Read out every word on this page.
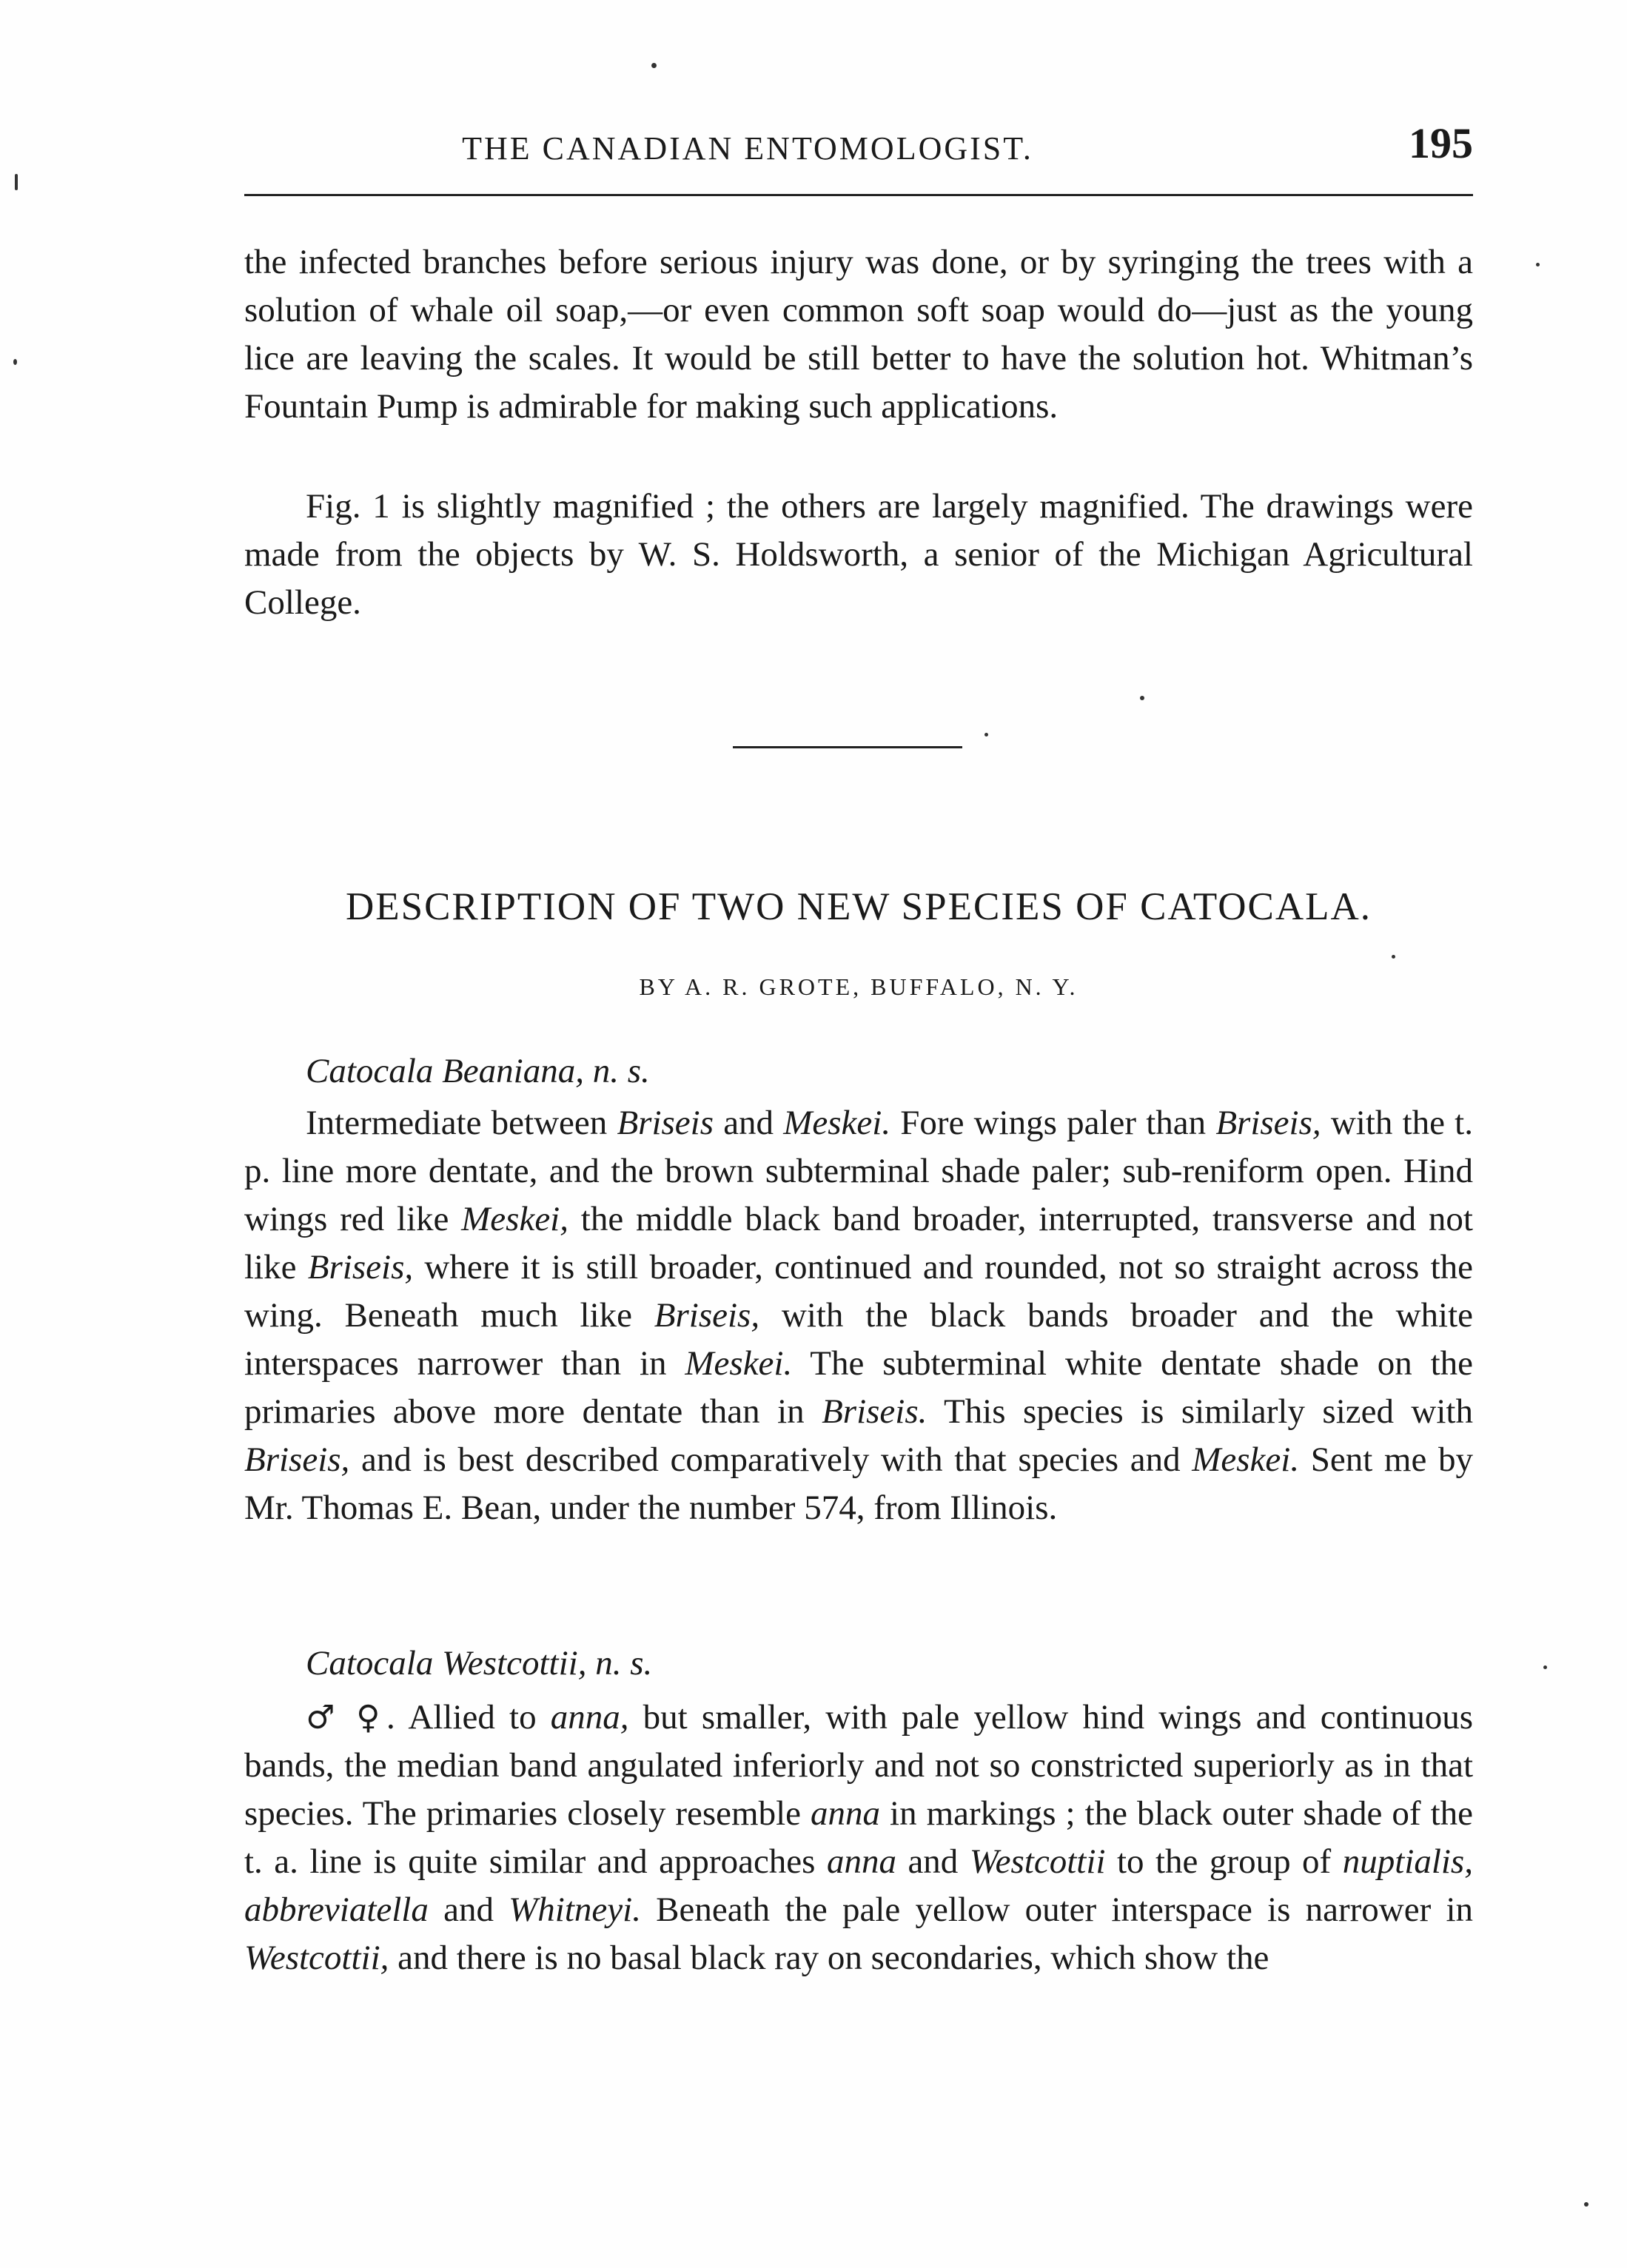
THE CANADIAN ENTOMOLOGIST.	195

the infected branches before serious injury was done, or by syringing the trees with a solution of whale oil soap,—or even common soft soap would do—just as the young lice are leaving the scales. It would be still better to have the solution hot. Whitman’s Fountain Pump is admirable for making such applications.

Fig. 1 is slightly magnified ; the others are largely magnified. The drawings were made from the objects by W. S. Holdsworth, a senior of the Michigan Agricultural College.

DESCRIPTION OF TWO NEW SPECIES OF CATOCALA.
BY A. R. GROTE, BUFFALO, N. Y.
Catocala Beaniana, n. s.

Intermediate between Briseis and Meskei. Fore wings paler than Briseis, with the t. p. line more dentate, and the brown subterminal shade paler; sub-reniform open. Hind wings red like Meskei, the middle black band broader, interrupted, transverse and not like Briseis, where it is still broader, continued and rounded, not so straight across the wing. Beneath much like Briseis, with the black bands broader and the white interspaces narrower than in Meskei. The subterminal white dentate shade on the primaries above more dentate than in Briseis. This species is similarly sized with Briseis, and is best described comparatively with that species and Meskei. Sent me by Mr. Thomas E. Bean, under the number 574, from Illinois.

Catocala Westcottii, n. s.

♂ ♀. Allied to anna, but smaller, with pale yellow hind wings and continuous bands, the median band angulated inferiorly and not so constricted superiorly as in that species. The primaries closely resemble anna in markings ; the black outer shade of the t. a. line is quite similar and approaches anna and Westcottii to the group of nuptialis, abbreviatella and Whitneyi. Beneath the pale yellow outer interspace is narrower in Westcottii, and there is no basal black ray on secondaries, which show the
